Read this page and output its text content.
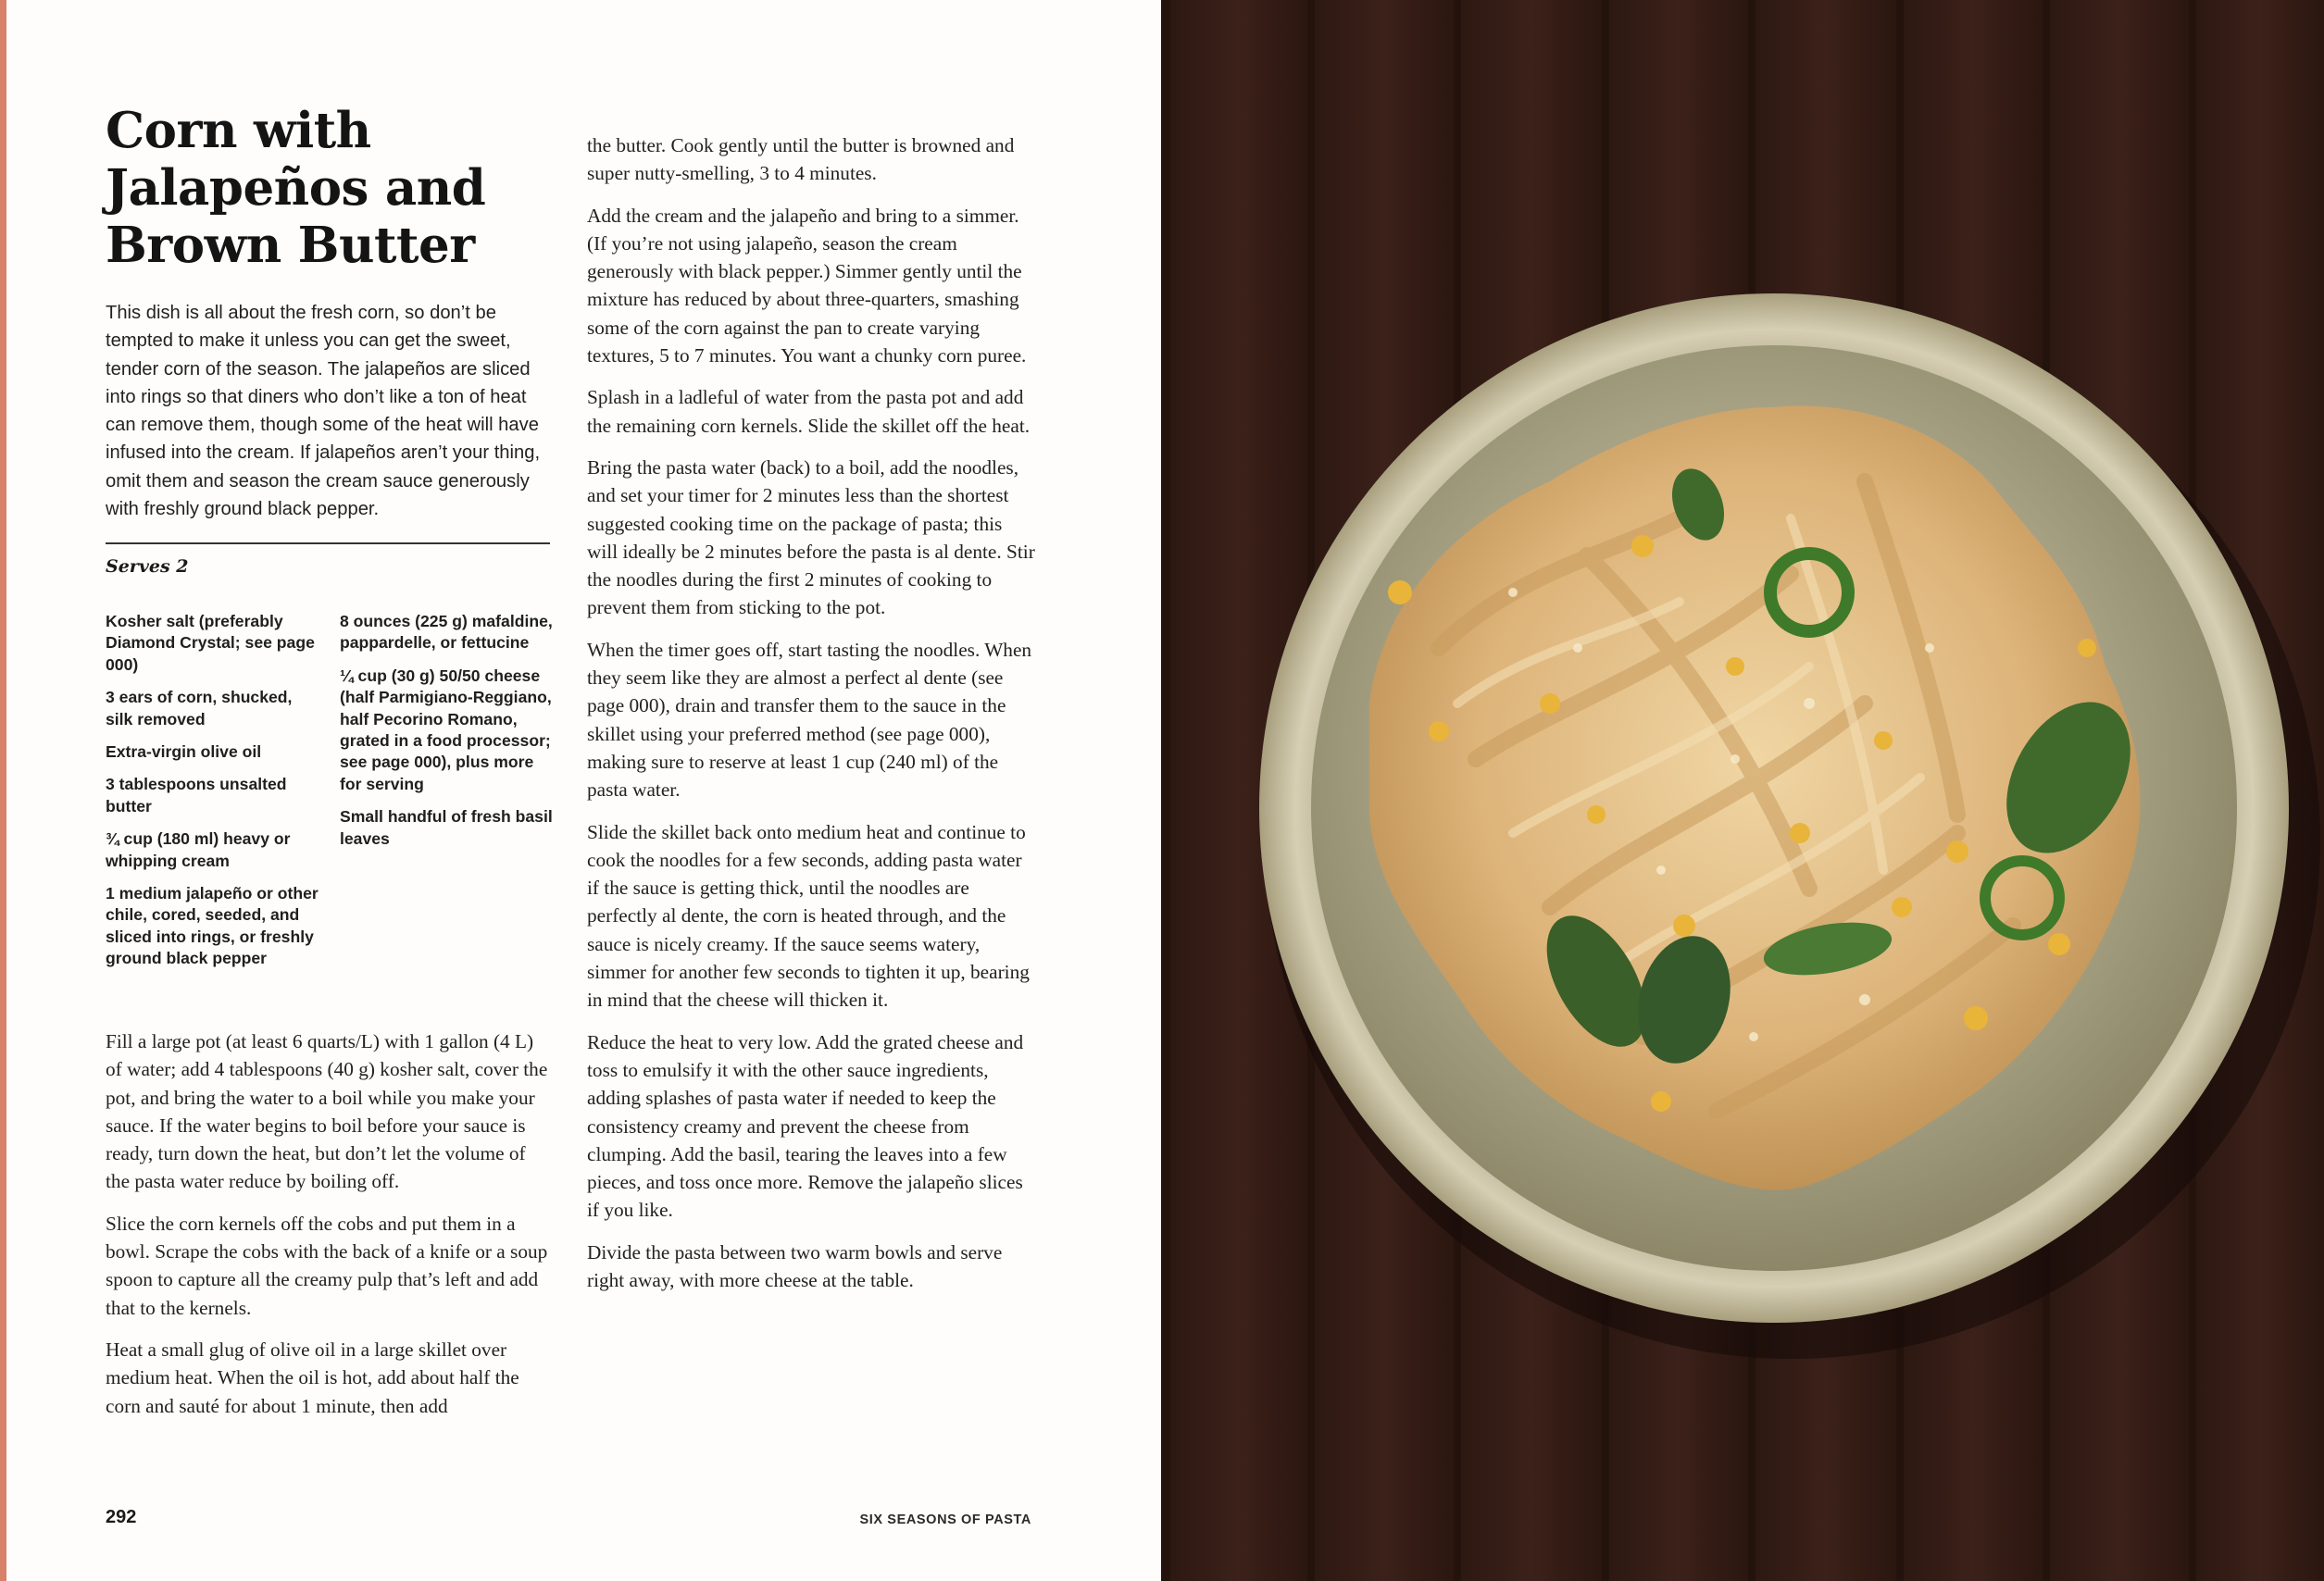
Corn with Jalapeños and Brown Butter

This dish is all about the fresh corn, so don’t be tempted to make it unless you can get the sweet, tender corn of the season. The jalapeños are sliced into rings so that diners who don’t like a ton of heat can remove them, though some of the heat will have infused into the cream. If jalapeños aren’t your thing, omit them and season the cream sauce generously with freshly ground black pepper.

Serves 2
Kosher salt (preferably Diamond Crystal; see page 000)
3 ears of corn, shucked, silk removed
Extra-virgin olive oil
3 tablespoons unsalted butter
¾ cup (180 ml) heavy or whipping cream
1 medium jalapeño or other chile, cored, seeded, and sliced into rings, or freshly ground black pepper
8 ounces (225 g) mafaldine, pappardelle, or fettucine
¼ cup (30 g) 50/50 cheese (half Parmigiano-Reggiano, half Pecorino Romano, grated in a food processor; see page 000), plus more for serving
Small handful of fresh basil leaves

Fill a large pot (at least 6 quarts/L) with 1 gallon (4 L) of water; add 4 tablespoons (40 g) kosher salt, cover the pot, and bring the water to a boil while you make your sauce. If the water begins to boil before your sauce is ready, turn down the heat, but don’t let the volume of the pasta water reduce by boiling off.

Slice the corn kernels off the cobs and put them in a bowl. Scrape the cobs with the back of a knife or a soup spoon to capture all the creamy pulp that’s left and add that to the kernels.

Heat a small glug of olive oil in a large skillet over medium heat. When the oil is hot, add about half the corn and sauté for about 1 minute, then add

the butter. Cook gently until the butter is browned and super nutty-smelling, 3 to 4 minutes.

Add the cream and the jalapeño and bring to a simmer. (If you’re not using jalapeño, season the cream generously with black pepper.) Simmer gently until the mixture has reduced by about three-quarters, smashing some of the corn against the pan to create varying textures, 5 to 7 minutes. You want a chunky corn puree.

Splash in a ladleful of water from the pasta pot and add the remaining corn kernels. Slide the skillet off the heat.

Bring the pasta water (back) to a boil, add the noodles, and set your timer for 2 minutes less than the shortest suggested cooking time on the package of pasta; this will ideally be 2 minutes before the pasta is al dente. Stir the noodles during the first 2 minutes of cooking to prevent them from sticking to the pot.

When the timer goes off, start tasting the noodles. When they seem like they are almost a perfect al dente (see page 000), drain and transfer them to the sauce in the skillet using your preferred method (see page 000), making sure to reserve at least 1 cup (240 ml) of the pasta water.

Slide the skillet back onto medium heat and continue to cook the noodles for a few seconds, adding pasta water if the sauce is getting thick, until the noodles are perfectly al dente, the corn is heated through, and the sauce is nicely creamy. If the sauce seems watery, simmer for another few seconds to tighten it up, bearing in mind that the cheese will thicken it.

Reduce the heat to very low. Add the grated cheese and toss to emulsify it with the other sauce ingredients, adding splashes of pasta water if needed to keep the consistency creamy and prevent the cheese from clumping. Add the basil, tearing the leaves into a few pieces, and toss once more. Remove the jalapeño slices if you like.

Divide the pasta between two warm bowls and serve right away, with more cheese at the table.

292	SIX SEASONS OF PASTA
